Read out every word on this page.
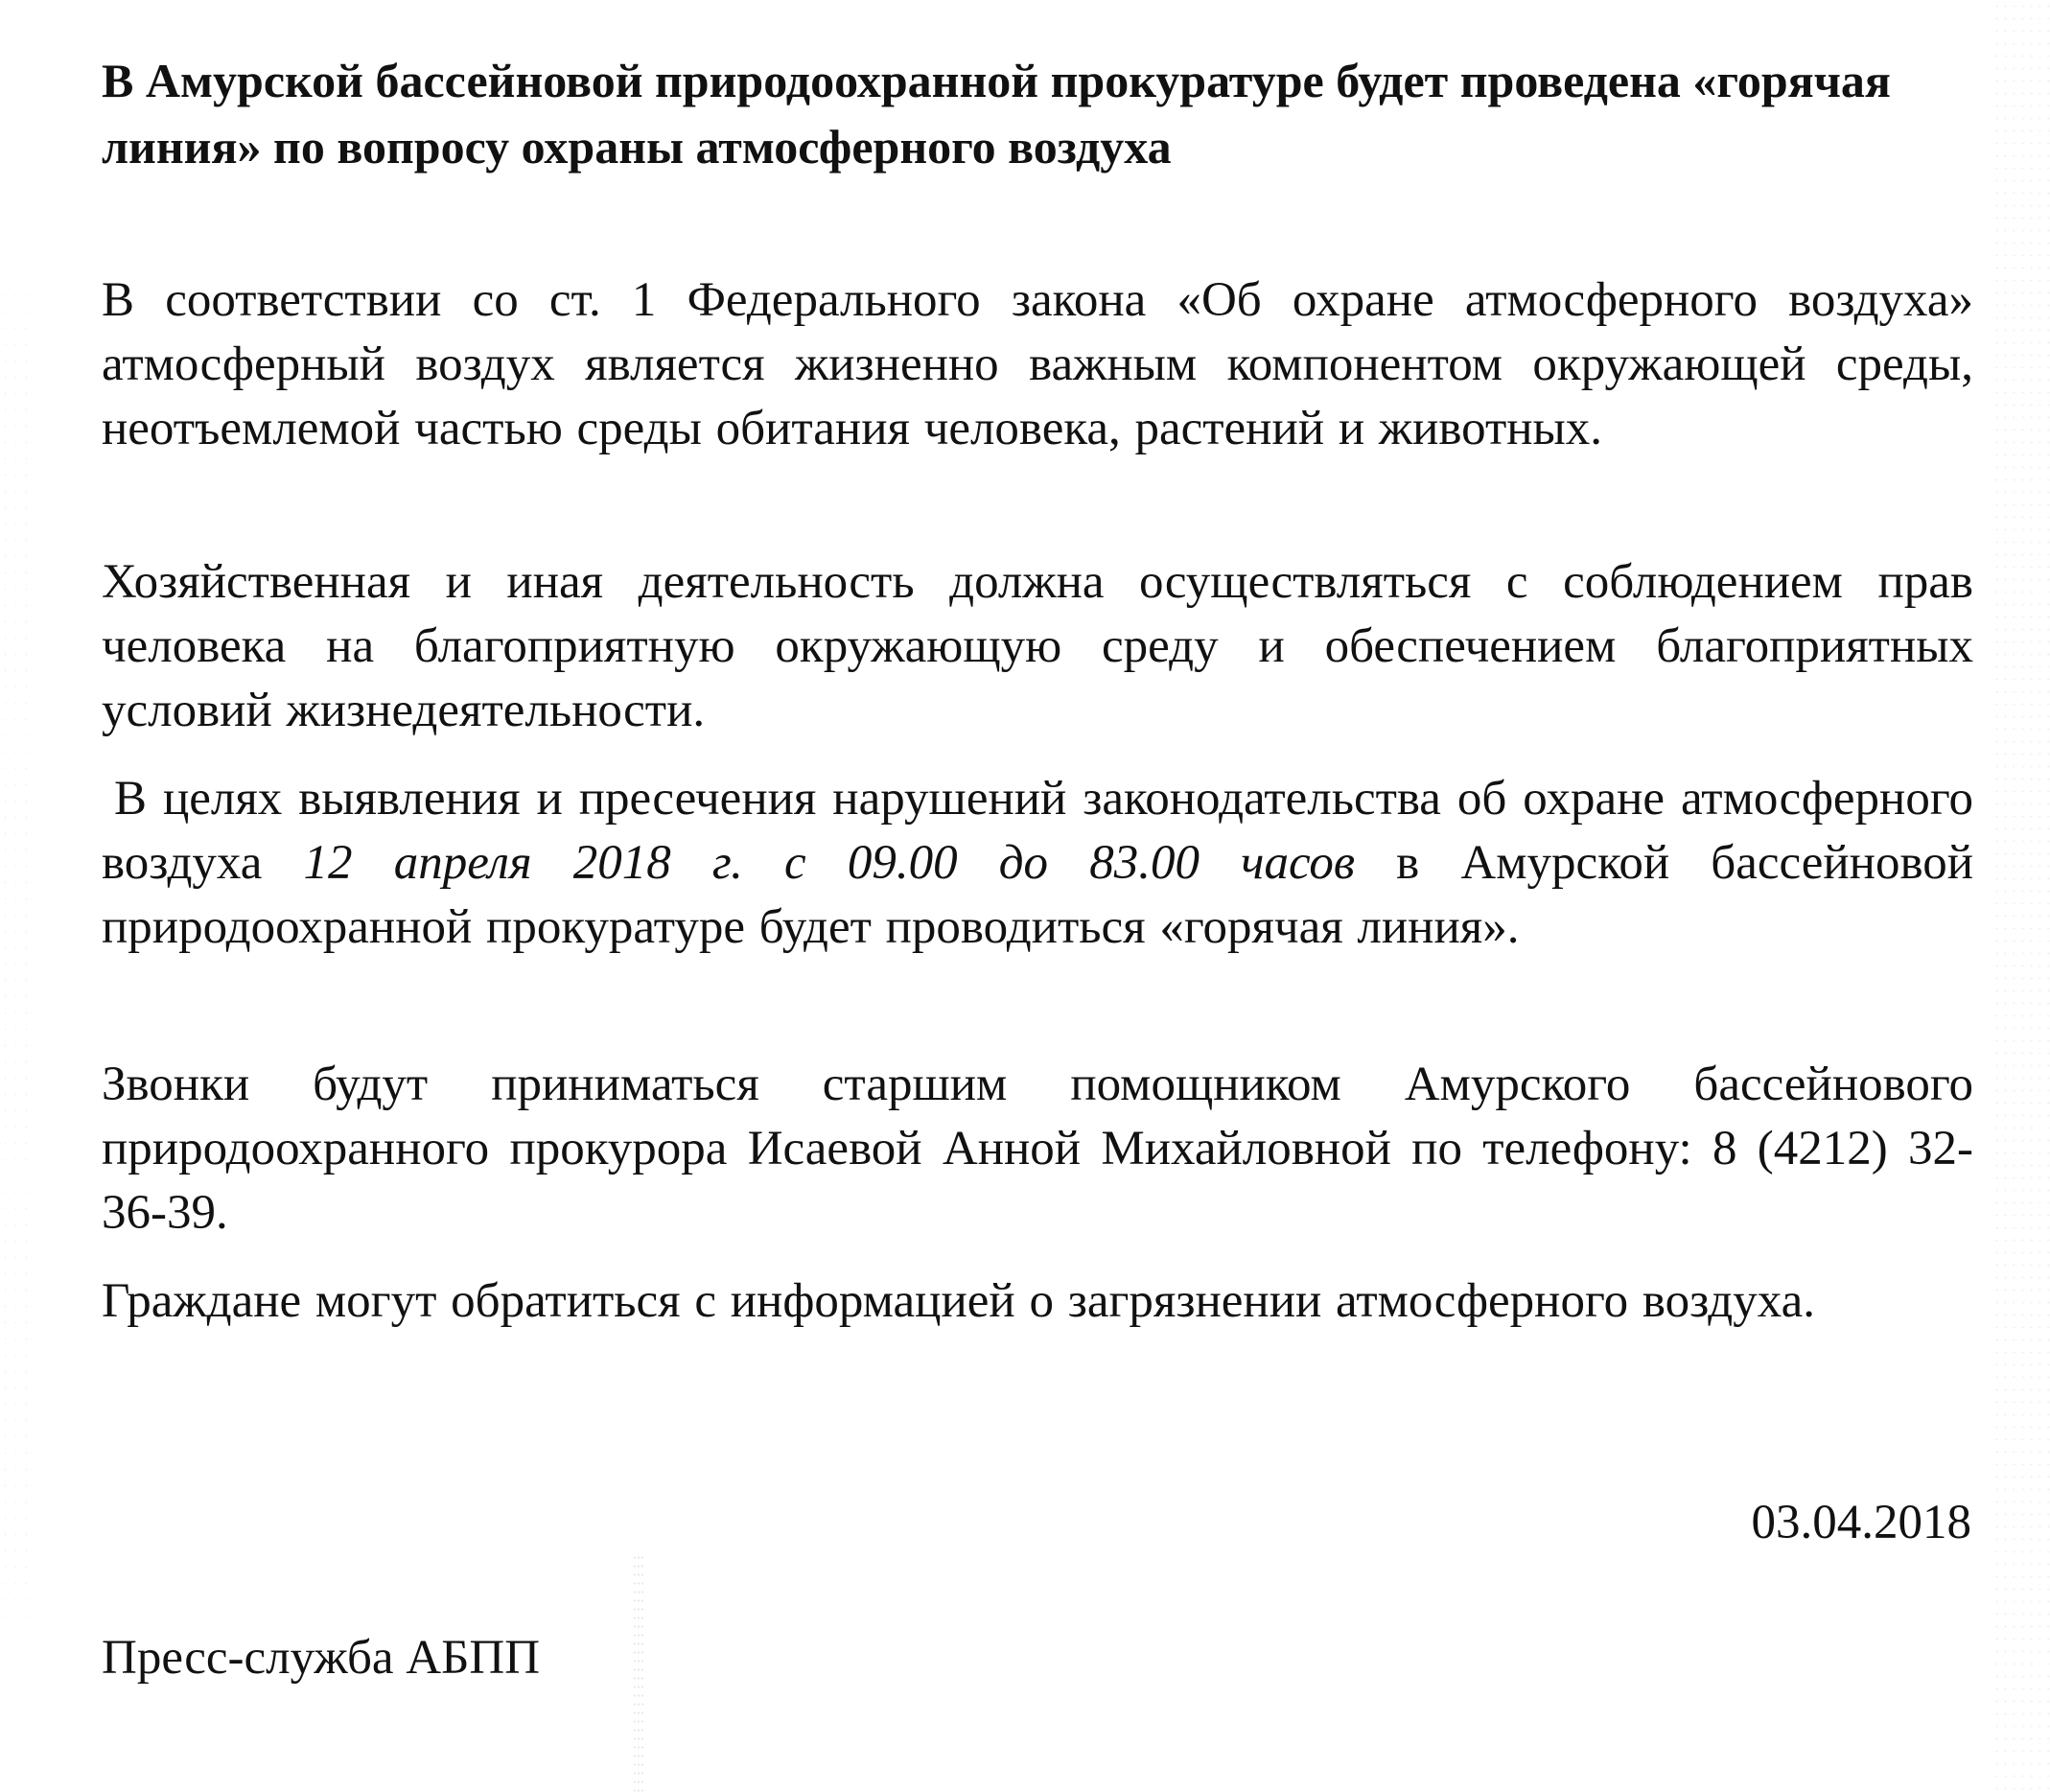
В Амурской бассейновой природоохранной прокуратуре будет проведена «горячая линия» по вопросу охраны атмосферного воздуха

В соответствии со ст. 1 Федерального закона «Об охране атмосферного воздуха» атмосферный воздух является жизненно важным компонентом окружающей среды, неотъемлемой частью среды обитания человека, растений и животных.

Хозяйственная и иная деятельность должна осуществляться с соблюдением прав человека на благоприятную окружающую среду и обеспечением благоприятных условий жизнедеятельности.

В целях выявления и пресечения нарушений законодательства об охране атмосферного воздуха 12 апреля 2018 г. с 09.00 до 83.00 часов в Амурской бассейновой природоохранной прокуратуре будет проводиться «горячая линия».

Звонки будут приниматься старшим помощником Амурского бассейнового природоохранного прокурора Исаевой Анной Михайловной по телефону: 8 (4212) 32-36-39.

Граждане могут обратиться с информацией о загрязнении атмосферного воздуха.

03.04.2018

Пресс-служба АБПП
